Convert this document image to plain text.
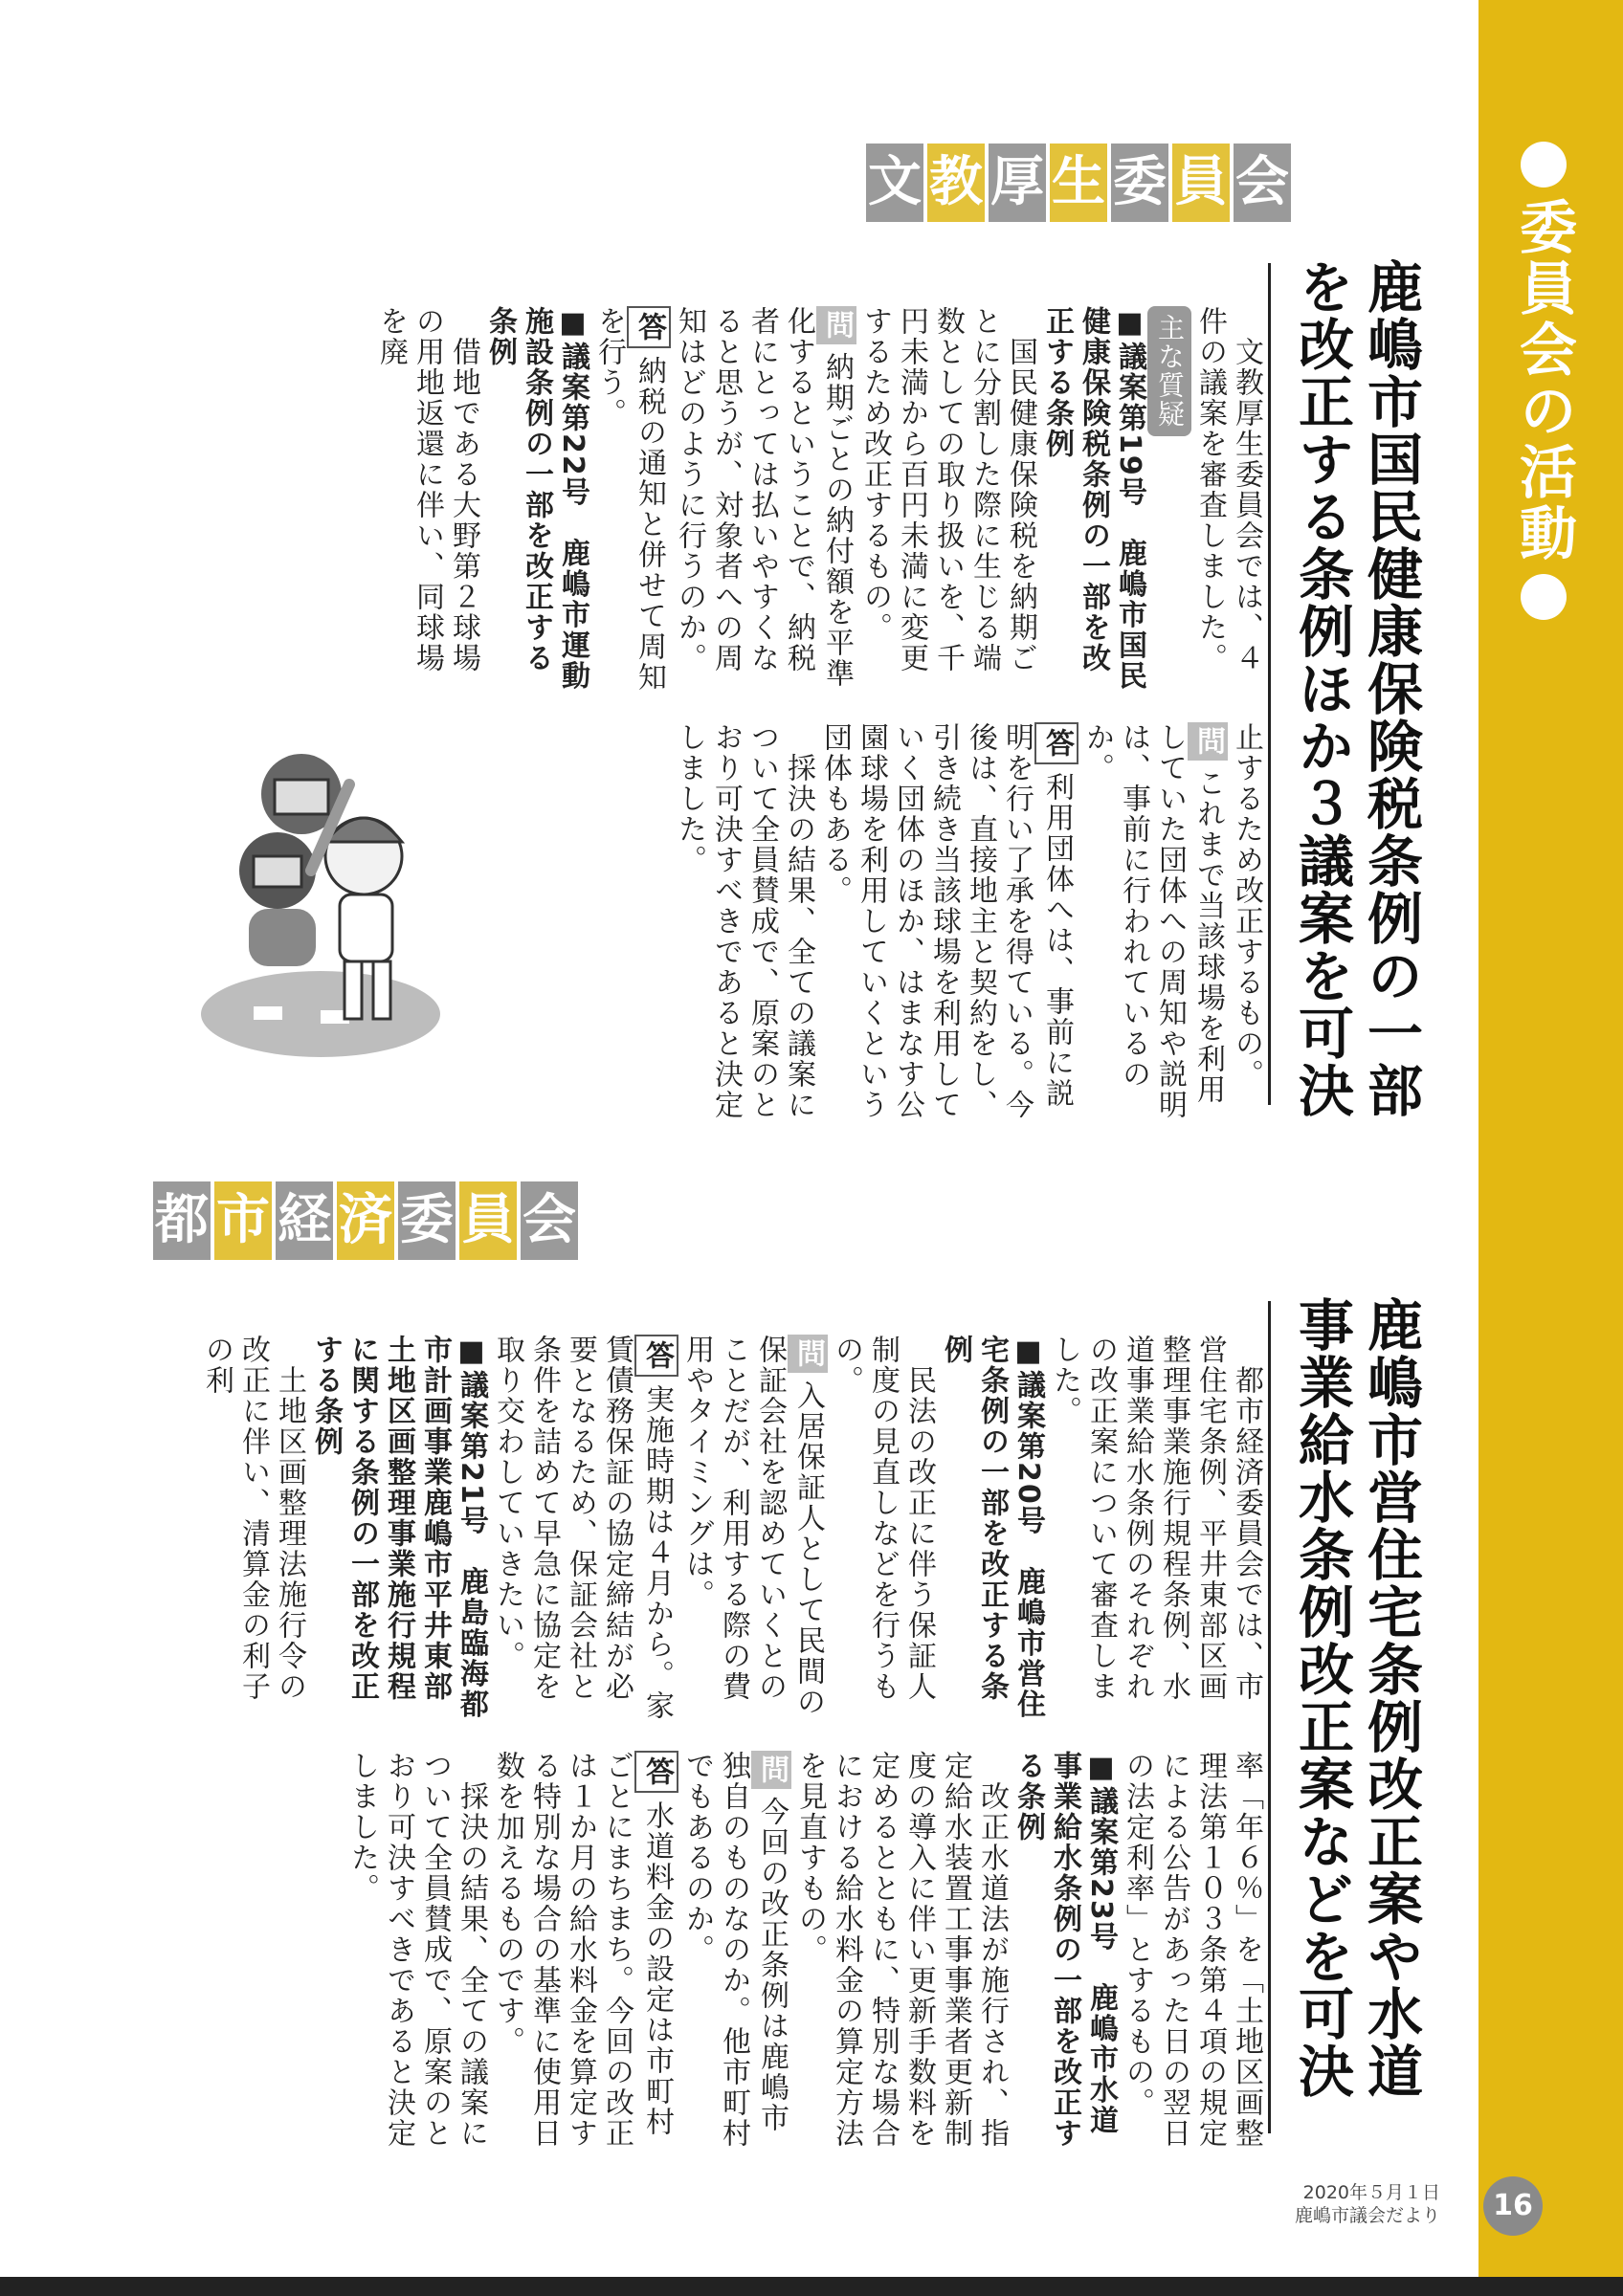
委員会の活動
16
2020年５月１日
鹿嶋市議会だより
文 教 厚 生 委 員 会
鹿嶋市国民健康保険税条例の一部
を改正する条例ほか３議案を可決

　文教厚生委員会では、４件の議案を審査しました。

主な質疑

■議案第19号　鹿嶋市国民健康保険税条例の一部を改正する条例

　国民健康保険税を納期ごとに分割した際に生じる端数としての取り扱いを、千円未満から百円未満に変更するため改正するもの。

問納期ごとの納付額を平準化するということで、納税者にとっては払いやすくなると思うが、対象者への周知はどのように行うのか。

答納税の通知と併せて周知を行う。

■議案第22号　鹿嶋市運動施設条例の一部を改正する条例

　借地である大野第２球場の用地返還に伴い、同球場を廃

止するため改正するもの。

問これまで当該球場を利用していた団体への周知や説明は、事前に行われているのか。

答利用団体へは、事前に説明を行い了承を得ている。今後は、直接地主と契約をし、引き続き当該球場を利用していく団体のほか、はまなす公園球場を利用していくという団体もある。

　採決の結果、全ての議案について全員賛成で、原案のとおり可決すべきであると決定しました。

都 市 経 済 委 員 会
鹿嶋市営住宅条例改正案や水道
事業給水条例改正案などを可決

　都市経済委員会では、市営住宅条例、平井東部区画整理事業施行規程条例、水道事業給水条例のそれぞれの改正案について審査しました。

■議案第20号　鹿嶋市営住宅条例の一部を改正する条例

　民法の改正に伴う保証人制度の見直しなどを行うもの。

問入居保証人として民間の保証会社を認めていくとのことだが、利用する際の費用やタイミングは。

答実施時期は４月から。家賃債務保証の協定締結が必要となるため、保証会社と条件を詰めて早急に協定を取り交わしていきたい。

■議案第21号　鹿島臨海都市計画事業鹿嶋市平井東部土地区画整理事業施行規程に関する条例の一部を改正する条例

　土地区画整理法施行令の改正に伴い、清算金の利子の利

率「年６％」を「土地区画整理法第１０３条第４項の規定による公告があった日の翌日の法定利率」とするもの。

■議案第23号　鹿嶋市水道事業給水条例の一部を改正する条例

　改正水道法が施行され、指定給水装置工事事業者更新制度の導入に伴い更新手数料を定めるとともに、特別な場合における給水料金の算定方法を見直すもの。

問今回の改正条例は鹿嶋市独自のものなのか。他市町村でもあるのか。

答水道料金の設定は市町村ごとにまちまち。今回の改正は１か月の給水料金を算定する特別な場合の基準に使用日数を加えるものです。

　採決の結果、全ての議案について全員賛成で、原案のとおり可決すべきであると決定しました。
